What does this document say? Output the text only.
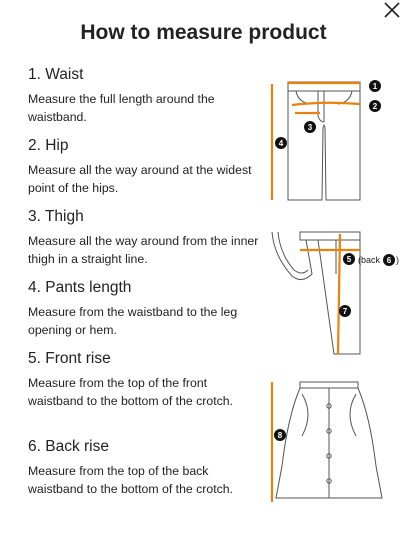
How to measure product
1. Waist

Measure the full length around the waistband.

2. Hip

Measure all the way around at the widest point of the hips.

3. Thigh

Measure all the way around from the inner thigh in a straight line.

4. Pants length

Measure from the waistband to the leg opening or hem.

5. Front rise

Measure from the top of the front waistband to the bottom of the crotch.

6. Back rise

Measure from the top of the back waistband to the bottom of the crotch.

1
2
3
4
5 (back 6 )
7
8
